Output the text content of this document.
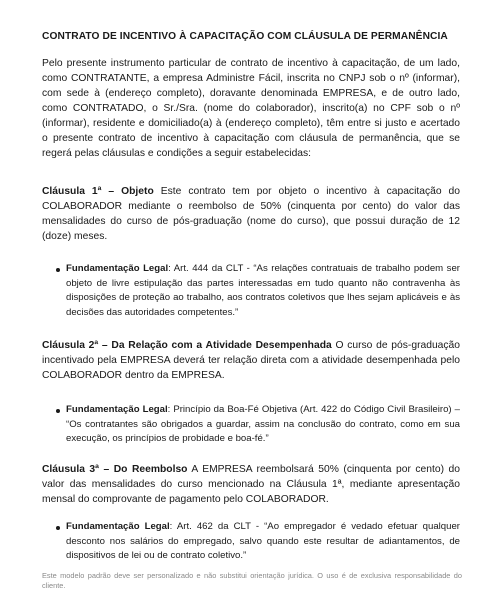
CONTRATO DE INCENTIVO À CAPACITAÇÃO COM CLÁUSULA DE PERMANÊNCIA
Pelo presente instrumento particular de contrato de incentivo à capacitação, de um lado, como CONTRATANTE, a empresa Administre Fácil, inscrita no CNPJ sob o nº (informar), com sede à (endereço completo), doravante denominada EMPRESA, e de outro lado, como CONTRATADO, o Sr./Sra. (nome do colaborador), inscrito(a) no CPF sob o nº (informar), residente e domiciliado(a) à (endereço completo), têm entre si justo e acertado o presente contrato de incentivo à capacitação com cláusula de permanência, que se regerá pelas cláusulas e condições a seguir estabelecidas:
Cláusula 1ª – Objeto Este contrato tem por objeto o incentivo à capacitação do COLABORADOR mediante o reembolso de 50% (cinquenta por cento) do valor das mensalidades do curso de pós-graduação (nome do curso), que possui duração de 12 (doze) meses.
Fundamentação Legal: Art. 444 da CLT - “As relações contratuais de trabalho podem ser objeto de livre estipulação das partes interessadas em tudo quanto não contravenha às disposições de proteção ao trabalho, aos contratos coletivos que lhes sejam aplicáveis e às decisões das autoridades competentes.”
Cláusula 2ª – Da Relação com a Atividade Desempenhada O curso de pós-graduação incentivado pela EMPRESA deverá ter relação direta com a atividade desempenhada pelo COLABORADOR dentro da EMPRESA.
Fundamentação Legal: Princípio da Boa-Fé Objetiva (Art. 422 do Código Civil Brasileiro) – “Os contratantes são obrigados a guardar, assim na conclusão do contrato, como em sua execução, os princípios de probidade e boa-fé.”
Cláusula 3ª – Do Reembolso A EMPRESA reembolsará 50% (cinquenta por cento) do valor das mensalidades do curso mencionado na Cláusula 1ª, mediante apresentação mensal do comprovante de pagamento pelo COLABORADOR.
Fundamentação Legal: Art. 462 da CLT - “Ao empregador é vedado efetuar qualquer desconto nos salários do empregado, salvo quando este resultar de adiantamentos, de dispositivos de lei ou de contrato coletivo.”
Este modelo padrão deve ser personalizado e não substitui orientação jurídica. O uso é de exclusiva responsabilidade do cliente.
